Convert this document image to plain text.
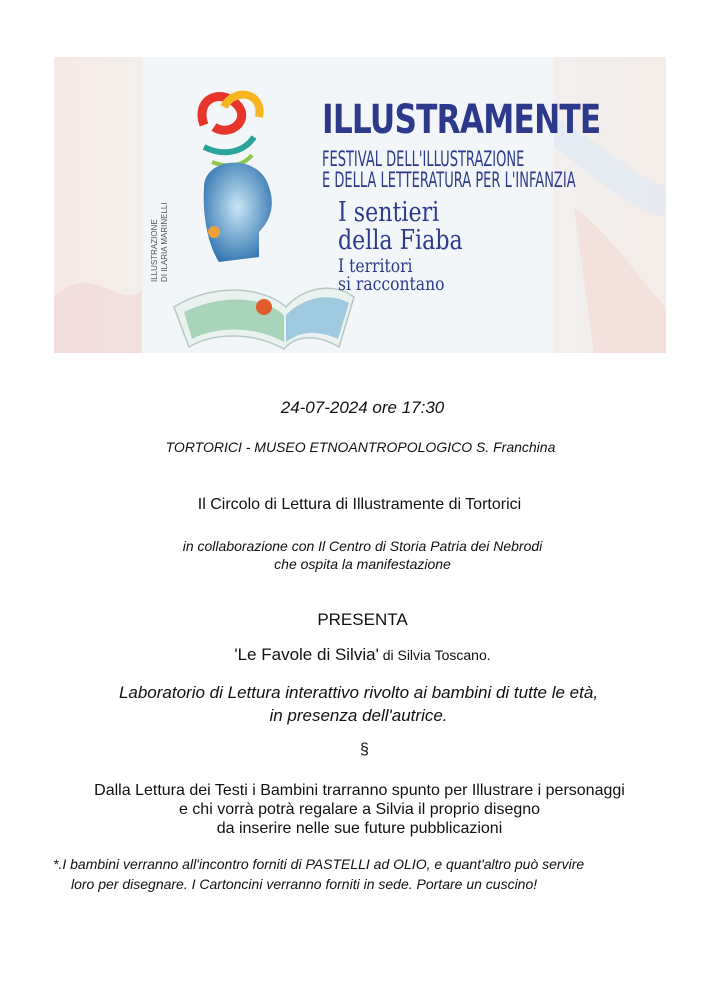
ILLUSTRAMENTE
FESTIVAL DELL'ILLUSTRAZIONE
E DELLA LETTERATURA PER L'INFANZIA
I sentieri
della Fiaba
I territori
si raccontano
ILLUSTRAZIONE DI ILARIA MARINELLI
24-07-2024 ore 17:30
TORTORICI - MUSEO ETNOANTROPOLOGICO S. Franchina
Il Circolo di Lettura di Illustramente di Tortorici
in collaborazione con Il Centro di Storia Patria dei Nebrodi
che ospita la manifestazione
PRESENTA
'Le Favole di Silvia' di Silvia Toscano.
Laboratorio di Lettura interattivo rivolto ai bambini di tutte le età,
in presenza dell'autrice.
§
Dalla Lettura dei Testi i Bambini trarranno spunto per Illustrare i personaggi
e chi vorrà potrà regalare a Silvia il proprio disegno
da inserire nelle sue future pubblicazioni
*.I bambini verranno all'incontro forniti di PASTELLI ad OLIO, e quant'altro può servire
loro per disegnare. I Cartoncini verranno forniti in sede. Portare un cuscino!
